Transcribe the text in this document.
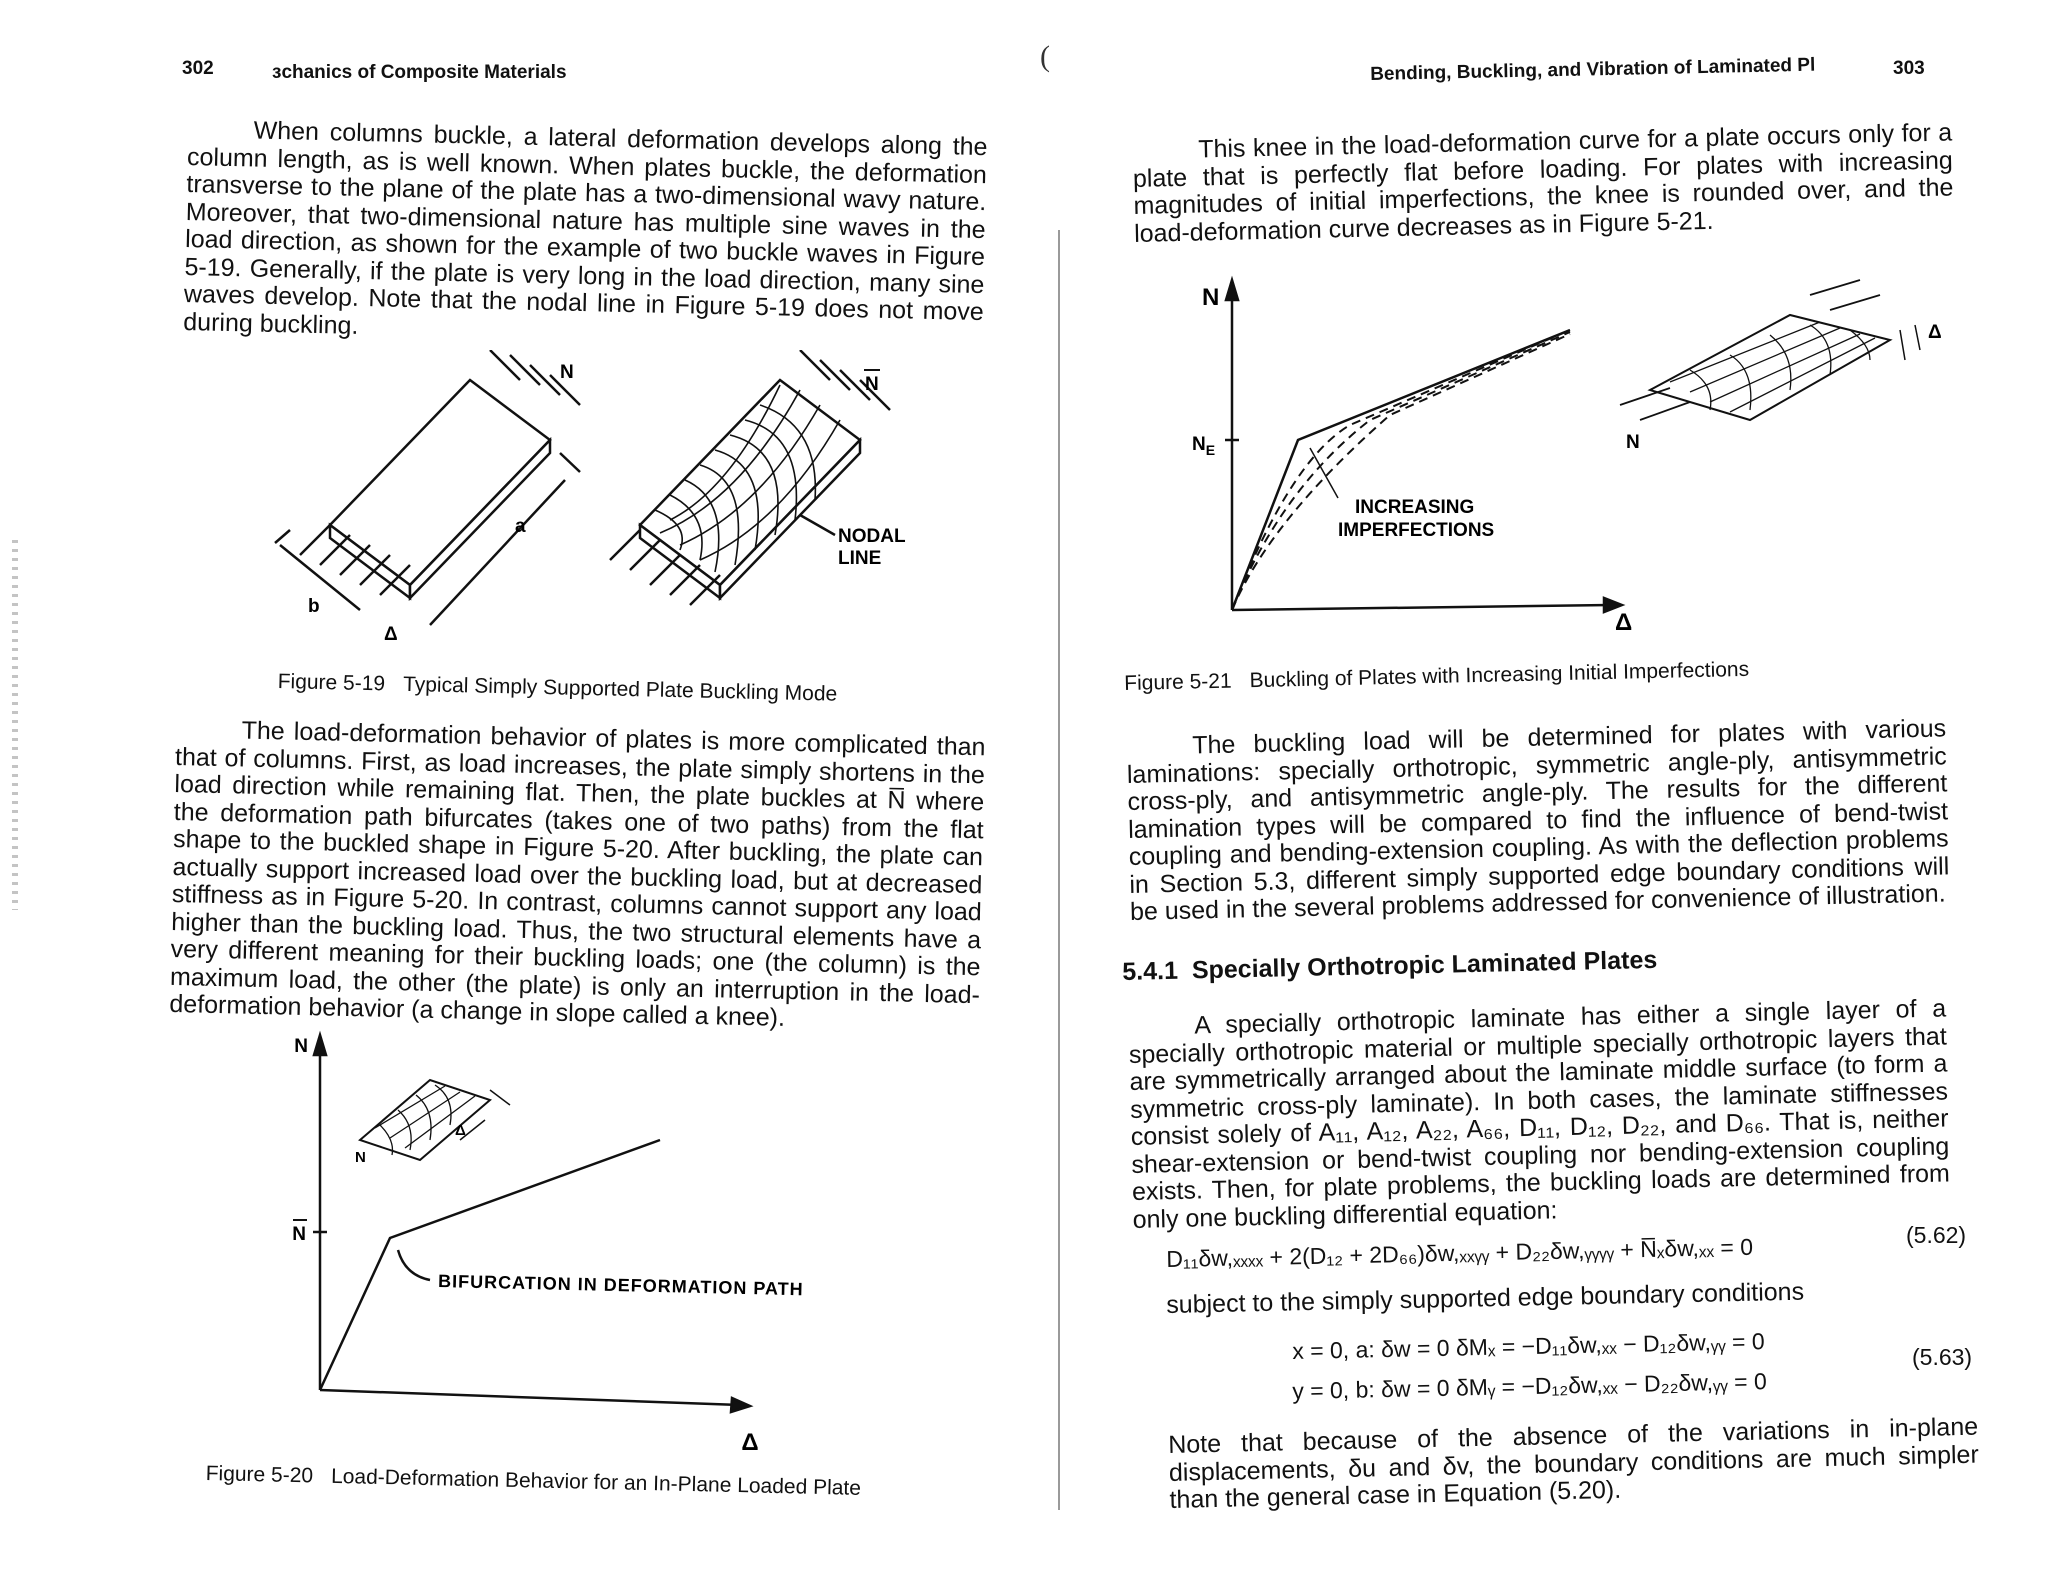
302	ɜchanics of Composite Materials

When columns buckle, a lateral deformation develops along the column length, as is well known. When plates buckle, the deformation transverse to the plane of the plate has a two-dimensional wavy nature. Moreover, that two-dimensional nature has multiple sine waves in the load direction, as shown for the example of two buckle waves in Figure 5-19. Generally, if the plate is very long in the load direction, many sine waves develop. Note that the nodal line in Figure 5-19 does not move during buckling.

N
N
a
b
Δ
NODAL
LINE
Figure 5-19 Typical Simply Supported Plate Buckling Mode

The load-deformation behavior of plates is more complicated than that of columns. First, as load increases, the plate simply shortens in the load direction while remaining flat. Then, the plate buckles at N̅ where the deformation path bifurcates (takes one of two paths) from the flat shape to the buckled shape in Figure 5-20. After buckling, the plate can actually support increased load over the buckling load, but at decreased stiffness as in Figure 5-20. In contrast, columns cannot support any load higher than the buckling load. Thus, the two structural elements have a very different meaning for their buckling loads; one (the column) is the maximum load, the other (the plate) is only an interruption in the load-deformation behavior (a change in slope called a knee).

N
N
Δ
N
Δ
BIFURCATION IN DEFORMATION PATH
Figure 5-20 Load-Deformation Behavior for an In-Plane Loaded Plate
(	Bending, Buckling, and Vibration of Laminated Pl	303

This knee in the load-deformation curve for a plate occurs only for a plate that is perfectly flat before loading. For plates with increasing magnitudes of initial imperfections, the knee is rounded over, and the load-deformation curve decreases as in Figure 5-21.

N
$N_E$
Δ
INCREASING
IMPERFECTIONS
N
Δ
Figure 5-21 Buckling of Plates with Increasing Initial Imperfections

The buckling load will be determined for plates with various laminations: specially orthotropic, symmetric angle-ply, antisymmetric cross-ply, and antisymmetric angle-ply. The results for the different lamination types will be compared to find the influence of bend-twist coupling and bending-extension coupling. As with the deflection problems in Section 5.3, different simply supported edge boundary conditions will be used in the several problems addressed for convenience of illustration.

5.4.1 Specially Orthotropic Laminated Plates

A specially orthotropic laminate has either a single layer of a specially orthotropic material or multiple specially orthotropic layers that are symmetrically arranged about the laminate middle surface (to form a symmetric cross-ply laminate). In both cases, the laminate stiffnesses consist solely of A₁₁, A₁₂, A₂₂, A₆₆, D₁₁, D₁₂, D₂₂, and D₆₆. That is, neither shear-extension or bend-twist coupling nor bending-extension coupling exists. Then, for plate problems, the buckling loads are determined from only one buckling differential equation:

D₁₁δw,ₓₓₓₓ + 2(D₁₂ + 2D₆₆)δw,ₓₓᵧᵧ + D₂₂δw,ᵧᵧᵧᵧ + N̅ₓδw,ₓₓ = 0	(5.62)

subject to the simply supported edge boundary conditions

x = 0, a: δw = 0 δMₓ = −D₁₁δw,ₓₓ − D₁₂δw,ᵧᵧ = 0
y = 0, b: δw = 0 δMᵧ = −D₁₂δw,ₓₓ − D₂₂δw,ᵧᵧ = 0
(5.63)

Note that because of the absence of the variations in in-plane displacements, δu and δv, the boundary conditions are much simpler than the general case in Equation (5.20).
